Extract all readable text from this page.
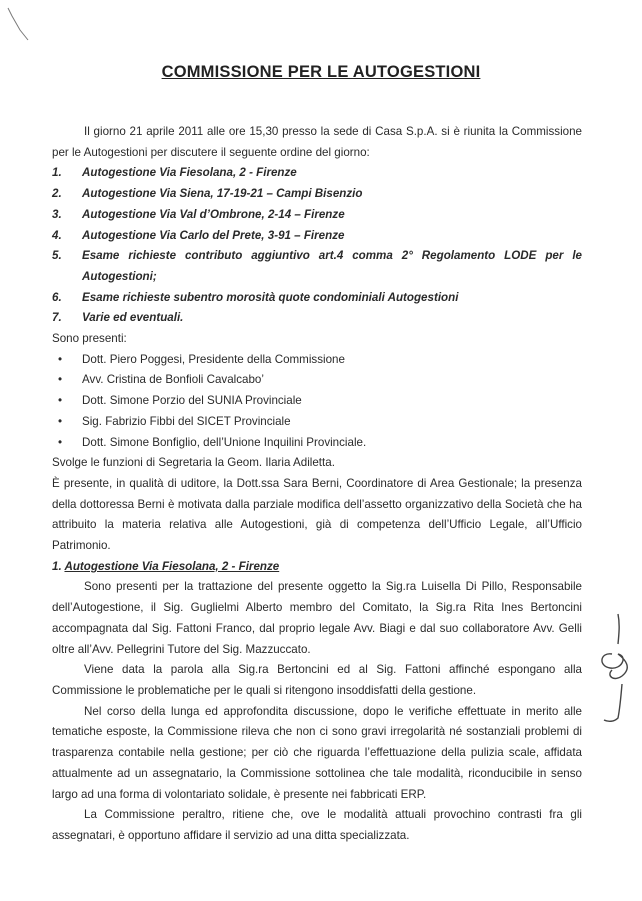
COMMISSIONE PER LE AUTOGESTIONI

Il giorno 21 aprile 2011 alle ore 15,30 presso la sede di Casa S.p.A. si è riunita la Commissione per le Autogestioni per discutere il seguente ordine del giorno:

1.	Autogestione Via Fiesolana, 2 - Firenze
2.	Autogestione Via Siena, 17-19-21 – Campi Bisenzio
3.	Autogestione Via Val d’Ombrone, 2-14 – Firenze
4.	Autogestione Via Carlo del Prete, 3-91 – Firenze
5.	Esame richieste contributo aggiuntivo art.4 comma 2° Regolamento LODE per le Autogestioni;
6.	Esame richieste subentro morosità quote condominiali Autogestioni
7.	Varie ed eventuali.

Sono presenti:

•	Dott. Piero Poggesi, Presidente della Commissione
•	Avv. Cristina de Bonfioli Cavalcabo’
•	Dott. Simone Porzio del SUNIA Provinciale
•	Sig. Fabrizio Fibbi del SICET Provinciale
•	Dott. Simone Bonfiglio, dell’Unione Inquilini Provinciale.

Svolge le funzioni di Segretaria la Geom. Ilaria Adiletta.

È presente, in qualità di uditore, la Dott.ssa Sara Berni, Coordinatore di Area Gestionale; la presenza della dottoressa Berni è motivata dalla parziale modifica dell’assetto organizzativo della Società che ha attribuito la materia relativa alle Autogestioni, già di competenza dell’Ufficio Legale, all’Ufficio Patrimonio.

1. Autogestione Via Fiesolana, 2 - Firenze

Sono presenti per la trattazione del presente oggetto la Sig.ra Luisella Di Pillo, Responsabile dell’Autogestione, il Sig. Guglielmi Alberto membro del Comitato, la Sig.ra Rita Ines Bertoncini accompagnata dal Sig. Fattoni Franco, dal proprio legale Avv. Biagi e dal suo collaboratore Avv. Gelli oltre all’Avv. Pellegrini Tutore del Sig. Mazzuccato.

Viene data la parola alla Sig.ra Bertoncini ed al Sig. Fattoni affinché espongano alla Commissione le problematiche per le quali si ritengono insoddisfatti della gestione.

Nel corso della lunga ed approfondita discussione, dopo le verifiche effettuate in merito alle tematiche esposte, la Commissione rileva che non ci sono gravi irregolarità né sostanziali problemi di trasparenza contabile nella gestione; per ciò che riguarda l’effettuazione della pulizia scale, affidata attualmente ad un assegnatario, la Commissione sottolinea che tale modalità, riconducibile in senso largo ad una forma di volontariato solidale, è presente nei fabbricati ERP.

La Commissione peraltro, ritiene che, ove le modalità attuali provochino contrasti fra gli assegnatari, è opportuno affidare il servizio ad una ditta specializzata.
